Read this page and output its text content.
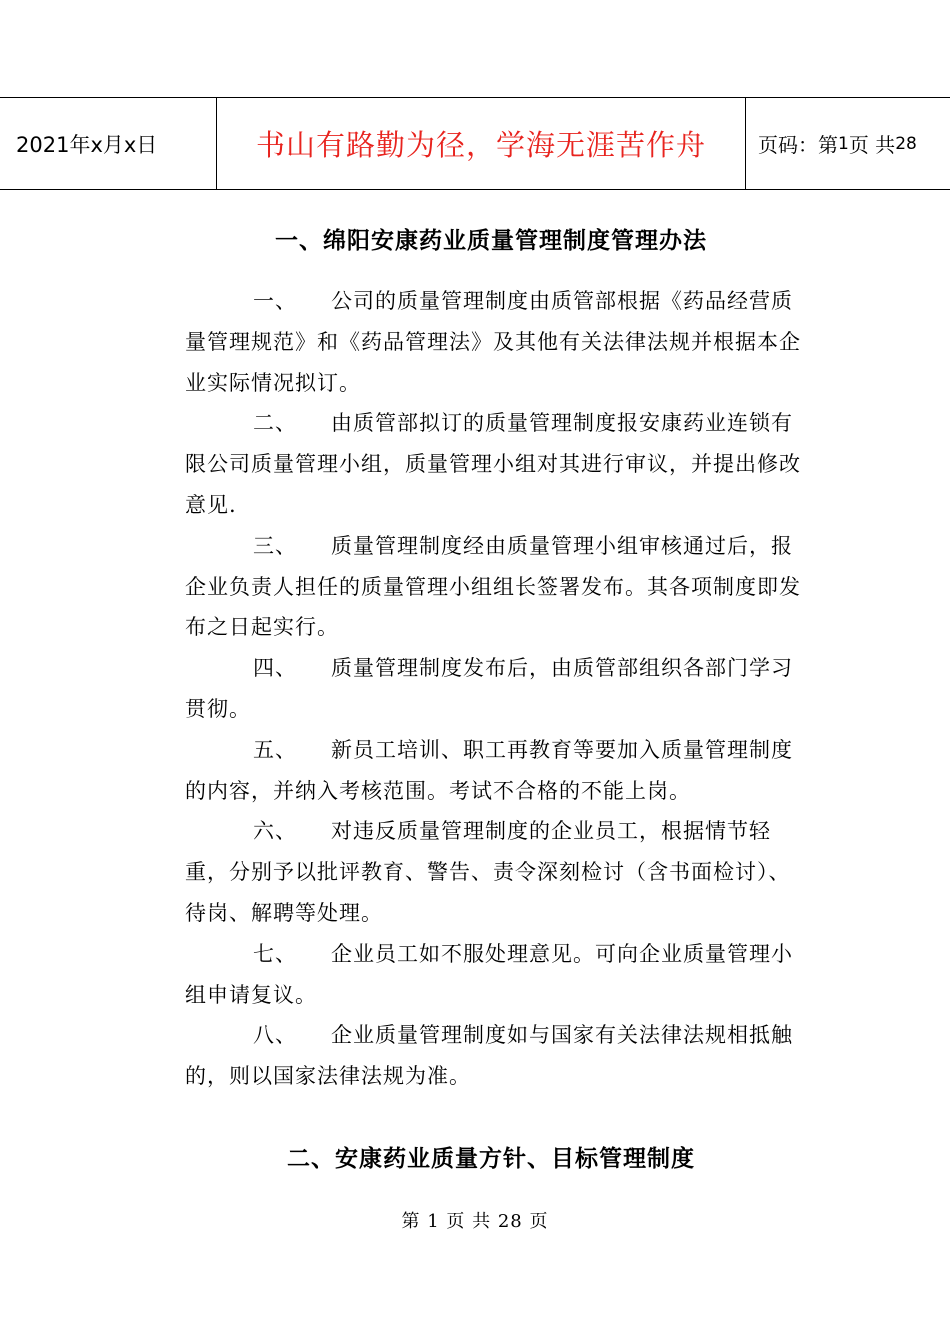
2021年x月x日	书山有路勤为径，学海无涯苦作舟	页码：第 1 页 共 28
一、绵阳安康药业质量管理制度管理办法

一、 公司的质量管理制度由质管部根据《药品经营质量管理规范》和《药品管理法》及其他有关法律法规并根据本企业实际情况拟订。

二、 由质管部拟订的质量管理制度报安康药业连锁有限公司质量管理小组，质量管理小组对其进行审议，并提出修改意见.

三、 质量管理制度经由质量管理小组审核通过后，报企业负责人担任的质量管理小组组长签署发布。其各项制度即发布之日起实行。

四、 质量管理制度发布后，由质管部组织各部门学习贯彻。

五、 新员工培训、职工再教育等要加入质量管理制度的内容，并纳入考核范围。考试不合格的不能上岗。

六、 对违反质量管理制度的企业员工，根据情节轻重，分别予以批评教育、警告、责令深刻检讨（含书面检讨）、待岗、解聘等处理。

七、 企业员工如不服处理意见。可向企业质量管理小组申请复议。

八、 企业质量管理制度如与国家有关法律法规相抵触的，则以国家法律法规为准。

二、安康药业质量方针、目标管理制度
第 1 页 共 28 页
